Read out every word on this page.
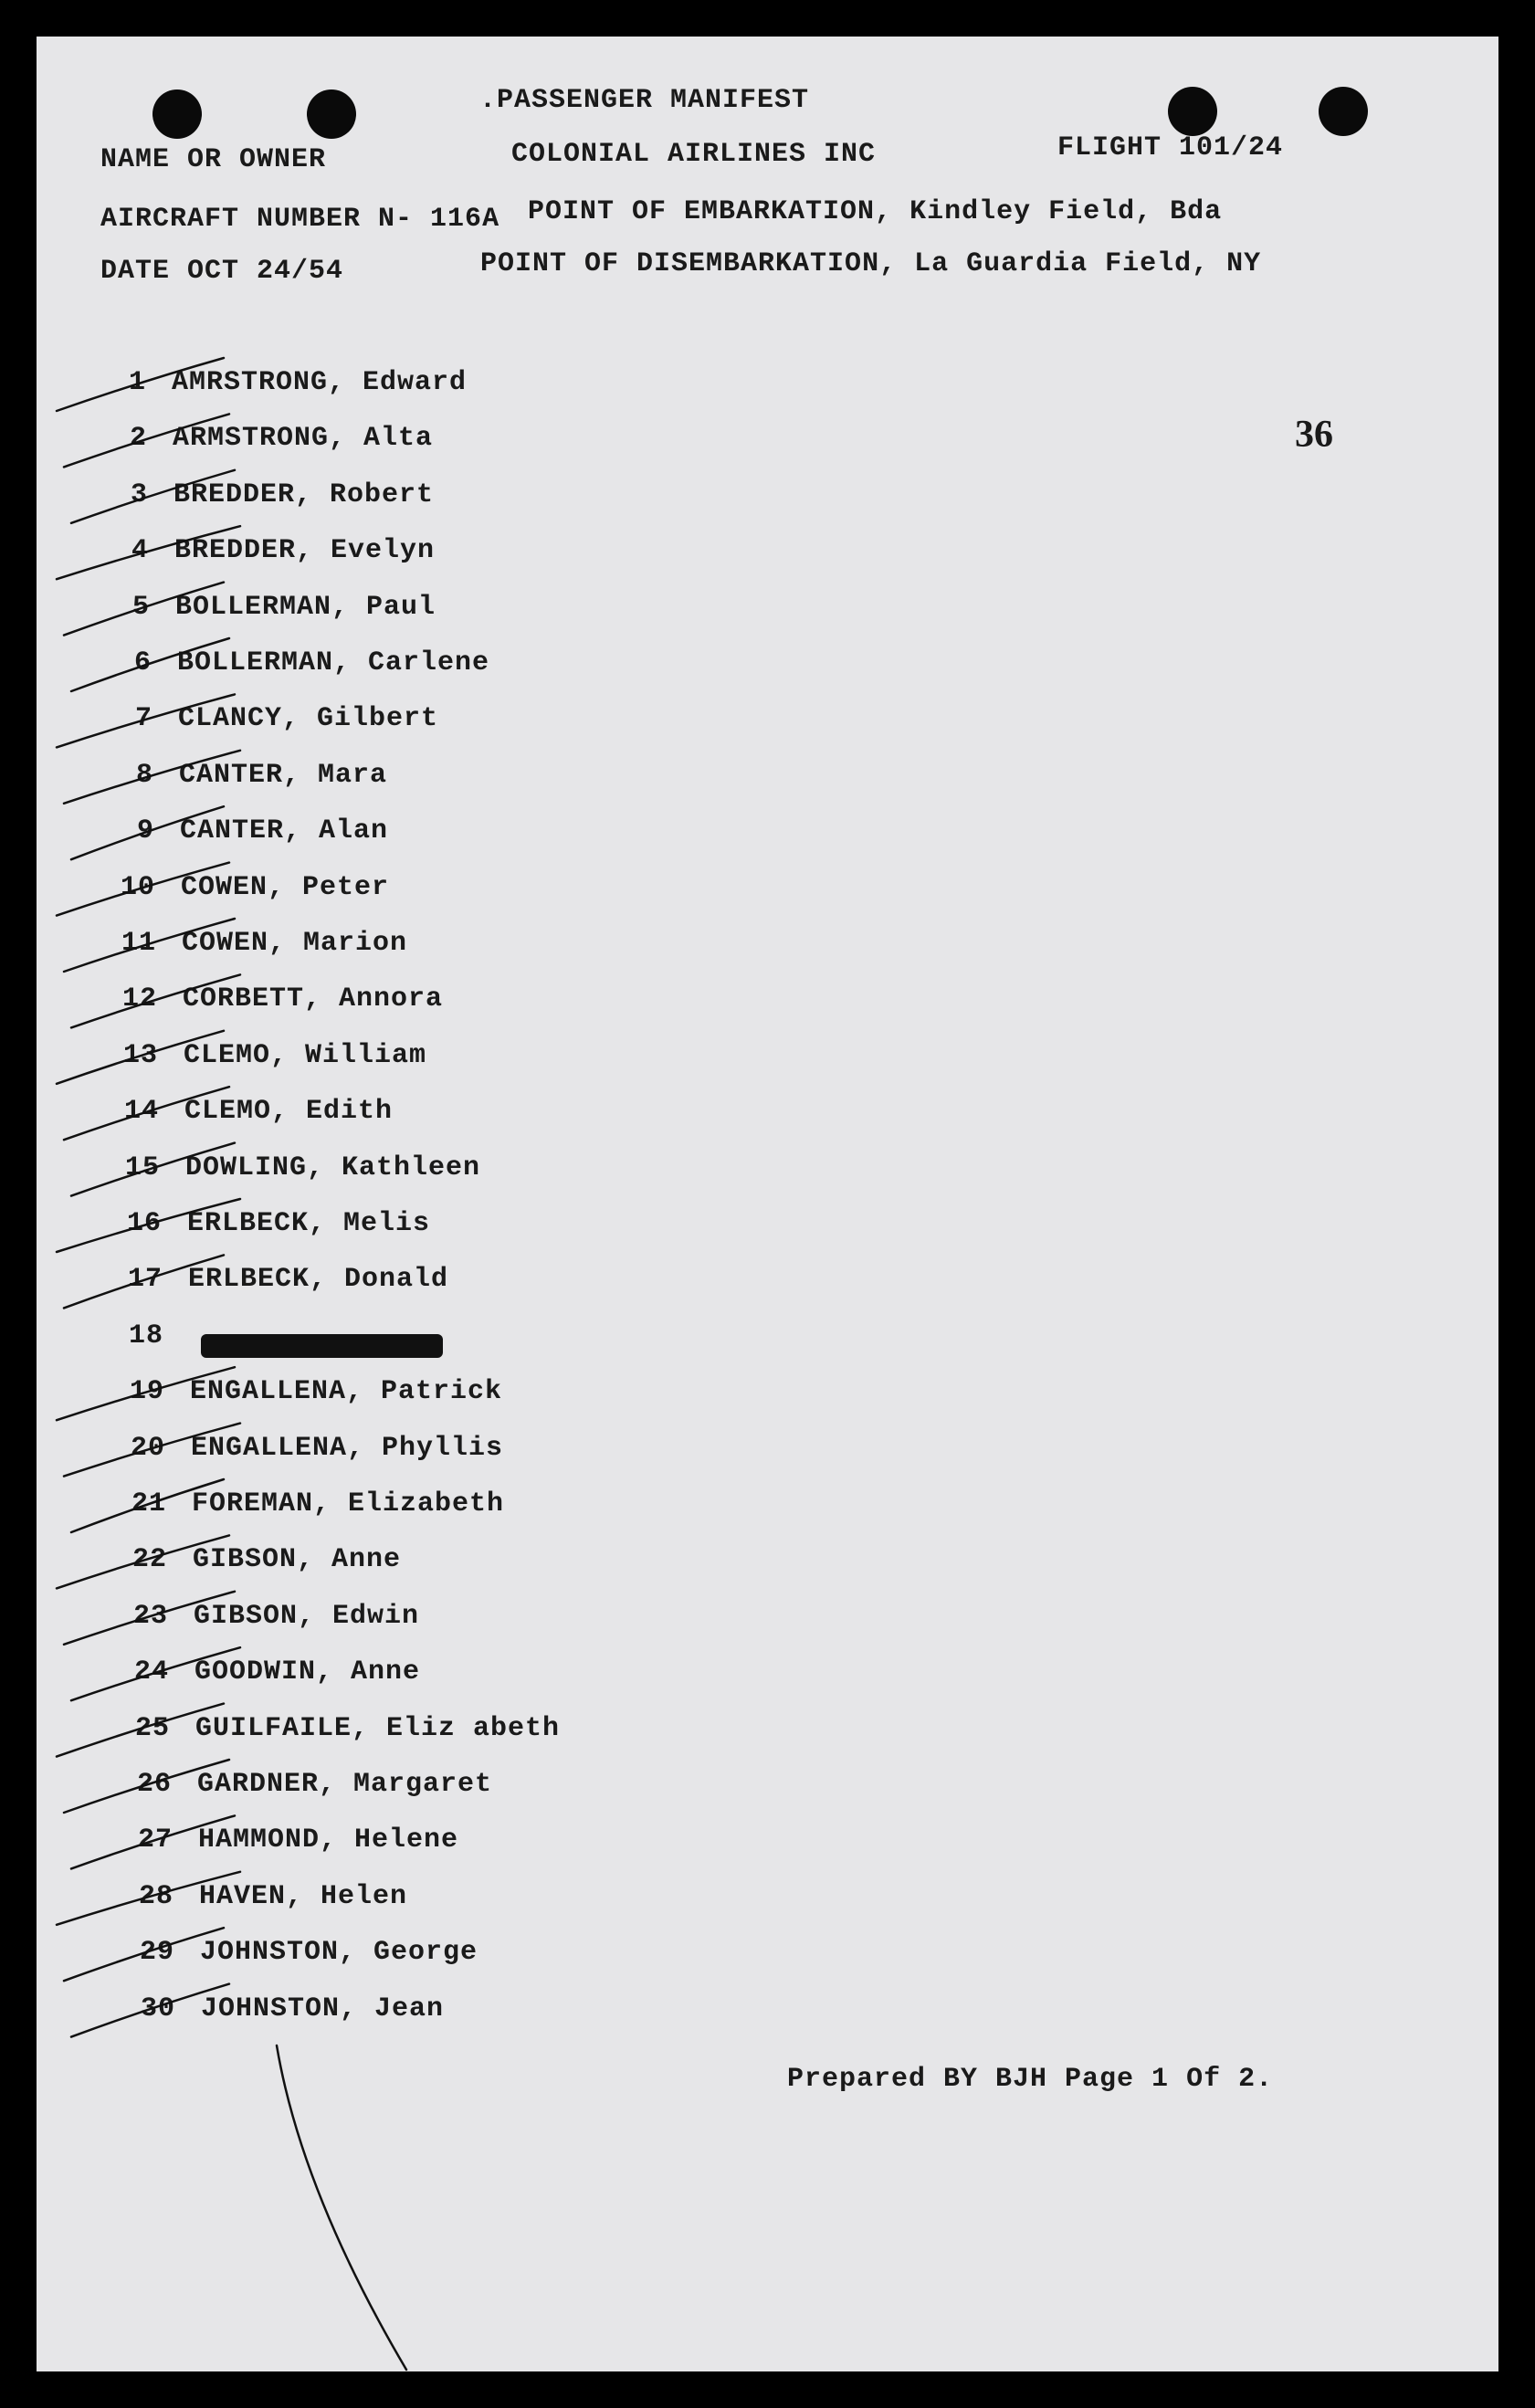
.PASSENGER MANIFEST
NAME OR OWNER	COLONIAL AIRLINES INC	FLIGHT 101/24
AIRCRAFT NUMBER N- 116A POINT OF EMBARKATION, Kindley Field, Bda
DATE OCT 24/54	POINT OF DISEMBARKATION, La Guardia Field, NY
36
1 AMRSTRONG, Edward
2 ARMSTRONG, Alta
3 BREDDER, Robert
4 BREDDER, Evelyn
5 BOLLERMAN, Paul
6 BOLLERMAN, Carlene
7 CLANCY, Gilbert
8 CANTER, Mara
9 CANTER, Alan
10 COWEN, Peter
11 COWEN, Marion
12 CORBETT, Annora
13 CLEMO, William
14 CLEMO, Edith
15 DOWLING, Kathleen
16 ERLBECK, Melis
17 ERLBECK, Donald
18
19 ENGALLENA, Patrick
20 ENGALLENA, Phyllis
21 FOREMAN, Elizabeth
22 GIBSON, Anne
23 GIBSON, Edwin
24 GOODWIN, Anne
25 GUILFAILE, Eliz abeth
26 GARDNER, Margaret
27 HAMMOND, Helene
28 HAVEN, Helen
29 JOHNSTON, George
30 JOHNSTON, Jean
Prepared BY BJH Page 1 Of 2.
